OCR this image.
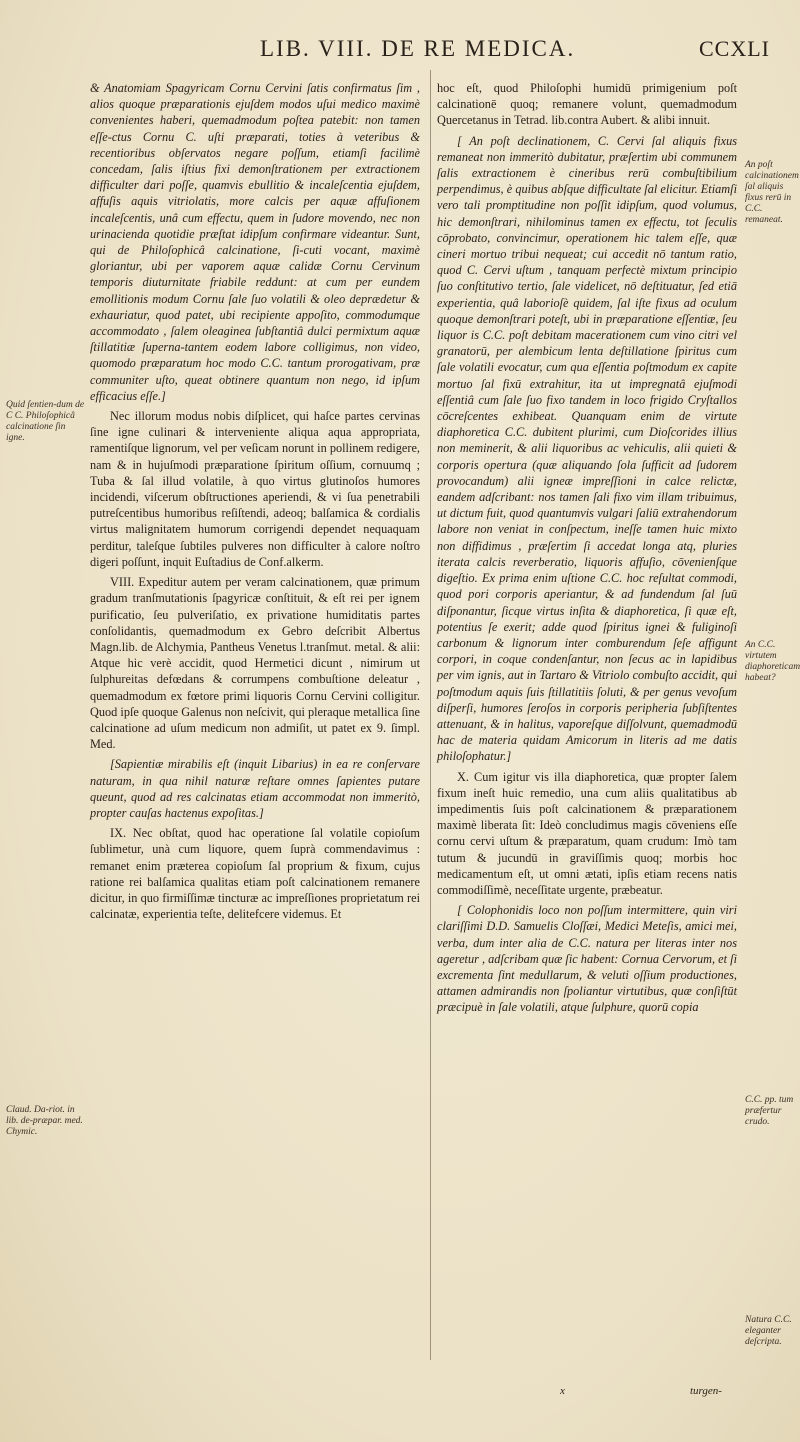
LIB. VIII. DE RE MEDICA.	CCXLI

& Anatomiam Spagyricam Cornu Cervini ſatis confirmatus ſim , alios quoque præparationis ejuſdem modos uſui medico maximè convenientes haberi, quemadmodum poſtea patebit: non tamen eſſe-ctus Cornu C. uſti præparati, toties à veteribus & recentioribus obſervatos negare poſſum, etiamſi facilimè concedam, ſalis iſtius fixi demonſtrationem per extractionem difficulter dari poſſe, quamvis ebullitio & incaleſcentia ejuſdem, affuſis aquis vitriolatis, more calcis per aquæ affuſionem incaleſcentis, unâ cum effectu, quem in ſudore movendo, nec non urinacienda quotidie præſtat idipſum confirmare videantur. Sunt, qui de Philoſophicâ calcinatione, ſi-cuti vocant, maximè gloriantur, ubi per vaporem aquæ calidæ Cornu Cervinum temporis diuturnitate friabile reddunt: at cum per eundem emollitionis modum Cornu ſale ſuo volatili & oleo deprædetur & exhauriatur, quod patet, ubi recipiente appoſito, commodumque accommodato , ſalem oleaginea ſubſtantiâ dulci permixtum aquæ ſtillatitiæ ſuperna-tantem eodem labore colligimus, non video, quomodo præparatum hoc modo C.C. tantum prorogativam, præ communiter uſto, queat obtinere quantum non nego, id ipſum efficacius eſſe.]

Nec illorum modus nobis diſplicet, qui haſce partes cervinas ſine igne culinari & interveniente aliqua aqua appropriata, ramentiſque lignorum, vel per veſicam norunt in pollinem redigere, nam & in hujuſmodi præparatione ſpiritum oſſium, cornuumq ; Tuba & ſal illud volatile, à quo virtus glutinoſos humores incidendi, viſcerum obſtructiones aperiendi, & vi ſua penetrabili putreſcentibus humoribus reſiſtendi, adeoq; balſamica & cordialis virtus malignitatem humorum corrigendi dependet nequaquam perditur, taleſque ſubtiles pulveres non difficulter à calore noſtro digeri poſſunt, inquit Euſtadius de Conf.alkerm.

VIII. Expeditur autem per veram calcinationem, quæ primum gradum tranſmutationis ſpagyricæ conſtituit, & eſt rei per ignem purificatio, ſeu pulveriſatio, ex privatione humiditatis partes conſolidantis, quemadmodum ex Gebro deſcribit Albertus Magn.lib. de Alchymia, Pantheus Venetus l.tranſmut. metal. & alii: Atque hic verè accidit, quod Hermetici dicunt , nimirum ut ſulphureitas defœdans & corrumpens combuſtione deleatur , quemadmodum ex fœtore primi liquoris Cornu Cervini colligitur. Quod ipſe quoque Galenus non neſcivit, qui pleraque metallica ſine calcinatione ad uſum medicum non admiſit, ut patet ex 9. ſimpl. Med.

[Sapientiæ mirabilis eſt (inquit Libarius) in ea re conſervare naturam, in qua nihil naturæ reſtare omnes ſapientes putare queunt, quod ad res calcinatas etiam accommodat non immeritò, propter cauſas hactenus expoſitas.]

IX. Nec obſtat, quod hac operatione ſal volatile copioſum ſublimetur, unà cum liquore, quem ſuprà commendavimus : remanet enim præterea copioſum ſal proprium & fixum, cujus ratione rei balſamica qualitas etiam poſt calcinationem remanere dicitur, in quo firmiſſimæ tincturæ ac impreſſiones proprietatum rei calcinatæ, experientia teſte, delitefcere videmus. Et

hoc eſt, quod Philoſophi humidū primigenium poſt calcinationē quoq; remanere volunt, quemadmodum Quercetanus in Tetrad. lib.contra Aubert. & alibi innuit.

[ An poſt declinationem, C. Cervi ſal aliquis fixus remaneat non immeritò dubitatur, præſertim ubi communem ſalis extractionem è cineribus rerū combuſtibilium perpendimus, è quibus abſque difficultate ſal elicitur. Etiamſi vero tali promptitudine non poſſit idipſum, quod volumus, hic demonſtrari, nihilominus tamen ex effectu, tot ſeculis cōprobato, convincimur, operationem hic talem eſſe, quæ cineri mortuo tribui nequeat; cui accedit nō tantum ratio, quod C. Cervi uſtum , tanquam perfectè mixtum principio ſuo conſtitutivo tertio, ſale videlicet, nō deſtituatur, ſed etiā experientia, quâ laborioſè quidem, ſal iſte fixus ad oculum quoque demonſtrari poteſt, ubi in præparatione eſſentiæ, ſeu liquor is C.C. poſt debitam macerationem cum vino citri vel granatorū, per alembicum lenta deſtillatione ſpiritus cum ſale volatili evocatur, cum qua eſſentia poſtmodum ex capite mortuo ſal fixū extrahitur, ita ut impregnatâ ejuſmodi eſſentiâ cum ſale ſuo fixo tandem in loco frigido Cryſtallos cōcreſcentes exhibeat. Quanquam enim de virtute diaphoretica C.C. dubitent plurimi, cum Dioſcorides illius non meminerit, & alii liquoribus ac vehiculis, alii quieti & corporis opertura (quæ aliquando ſola ſufficit ad ſudorem provocandum) alii igneæ impreſſioni in calce relictæ, eandem adſcribant: nos tamen ſali fixo vim illam tribuimus, ut dictum fuit, quod quantumvis vulgari ſaliū extrahendorum labore non veniat in conſpectum, ineſſe tamen huic mixto non diffidimus , præſertim ſi accedat longa atq, pluries iterata calcis reverberatio, liquoris affuſio, cōvenienſque digeſtio. Ex prima enim uſtione C.C. hoc reſultat commodi, quod pori corporis aperiantur, & ad fundendum ſal ſuū diſponantur, ſicque virtus inſita & diaphoretica, ſi quæ eſt, potentius ſe exerit; adde quod ſpiritus ignei & fuliginoſi carbonum & lignorum inter comburendum ſeſe affigunt corpori, in coque condenſantur, non ſecus ac in lapidibus per vim ignis, aut in Tartaro & Vitriolo combuſto accidit, qui poſtmodum aquis ſuis ſtillatitiis ſoluti, & per genus vevoſum diſperſi, humores ſeroſos in corporis peripheria ſubſiſtentes attenuant, & in halitus, vaporeſque diſſolvunt, quemadmodū hac de materia quidam Amicorum in literis ad me datis philoſophatur.]

X. Cum igitur vis illa diaphoretica, quæ propter ſalem fixum ineſt huic remedio, una cum aliis qualitatibus ab impedimentis ſuis poſt calcinationem & præparationem maximè liberata ſit: Ideò concludimus magis cōveniens eſſe cornu cervi uſtum & præparatum, quam crudum: Imò tam tutum & jucundū in graviſſimis quoq; morbis hoc medicamentum eſt, ut omni ætati, ipſis etiam recens natis commodiſſimè, neceſſitate urgente, præbeatur.

[ Colophonidis loco non poſſum intermittere, quin viri clariſſimi D.D. Samuelis Cloſſæi, Medici Meteſis, amici mei, verba, dum inter alia de C.C. natura per literas inter nos ageretur , adſcribam quæ ſic habent: Cornua Cervorum, et ſi excrementa ſint medullarum, & veluti oſſium productiones, attamen admirandis non ſpoliantur virtutibus, quæ conſiſtūt præcipuè in ſale volatili, atque ſulphure, quorū copia

Quid ſentien-dum de C C. Philoſophicâ calcinatione ſin igne.
Claud. Da-riot. in lib. de-præpar. med. Chymic.
An poſt calcinationem ſal aliquis fixus rerū in C.C. remaneat.
An C.C. virtutem diaphoreticam habeat?
C.C. pp. tum præfertur crudo.
Natura C.C. eleganter deſcripta.
x	turgen-
